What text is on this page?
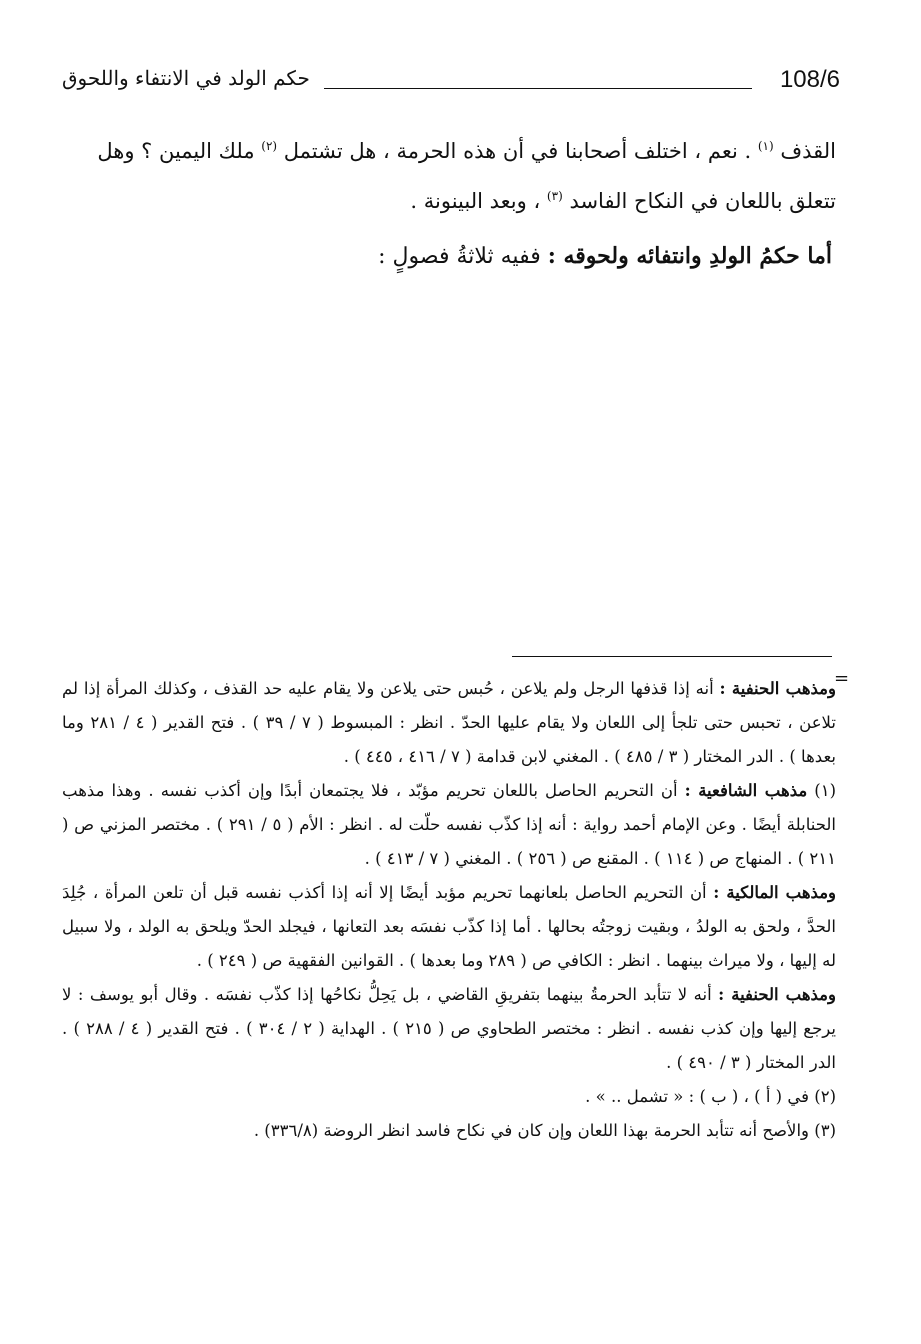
108/6
حكم الولد في الانتفاء واللحوق

القذف $^{(١)}$ . نعم ، اختلف أصحابنا في أن هذه الحرمة ، هل تشتمل $^{(٢)}$ ملك اليمين ؟ وهل تتعلق باللعان في النكاح الفاسد $^{(٣)}$ ، وبعد البينونة .

أما حكمُ الولدِ وانتفائه ولحوقه : ففيه ثلاثةُ فصولٍ :
=

ومذهب الحنفية : أنه إذا قذفها الرجل ولم يلاعن ، حُبس حتى يلاعن ولا يقام عليه حد القذف ، وكذلك المرأة إذا لم تلاعن ، تحبس حتى تلجأ إلى اللعان ولا يقام عليها الحدّ . انظر : المبسوط ( ٧ / ٣٩ ) . فتح القدير ( ٤ / ٢٨١ وما بعدها ) . الدر المختار ( ٣ / ٤٨٥ ) . المغني لابن قدامة ( ٧ / ٤١٦ ، ٤٤٥ ) .

(١) مذهب الشافعية : أن التحريم الحاصل باللعان تحريم مؤبّد ، فلا يجتمعان أبدًا وإن أكذب نفسه . وهذا مذهب الحنابلة أيضًا . وعن الإمام أحمد رواية : أنه إذا كذّب نفسه حلّت له . انظر : الأم ( ٥ / ٢٩١ ) . مختصر المزني ص ( ٢١١ ) . المنهاج ص ( ١١٤ ) . المقنع ص ( ٢٥٦ ) . المغني ( ٧ / ٤١٣ ) .

ومذهب المالكية : أن التحريم الحاصل بلعانهما تحريم مؤبد أيضًا إلا أنه إذا أكذب نفسه قبل أن تلعن المرأة ، جُلِدَ الحدَّ ، ولحق به الولدُ ، وبقيت زوجتُه بحالها . أما إذا كذّب نفسَه بعد التعانها ، فيجلد الحدّ ويلحق به الولد ، ولا سبيل له إليها ، ولا ميراث بينهما . انظر : الكافي ص ( ٢٨٩ وما بعدها ) . القوانين الفقهية ص ( ٢٤٩ ) .

ومذهب الحنفية : أنه لا تتأبد الحرمةُ بينهما بتفريقِ القاضي ، بل يَحِلُّ نكاحُها إذا كذّب نفسَه . وقال أبو يوسف : لا يرجع إليها وإن كذب نفسه . انظر : مختصر الطحاوي ص ( ٢١٥ ) . الهداية ( ٢ / ٣٠٤ ) . فتح القدير ( ٤ / ٢٨٨ ) . الدر المختار ( ٣ / ٤٩٠ ) .

(٢) في ( أ ) ، ( ب ) : « تشمل .. » .

(٣) والأصح أنه تتأبد الحرمة بهذا اللعان وإن كان في نكاح فاسد انظر الروضة (٣٣٦/٨) .
